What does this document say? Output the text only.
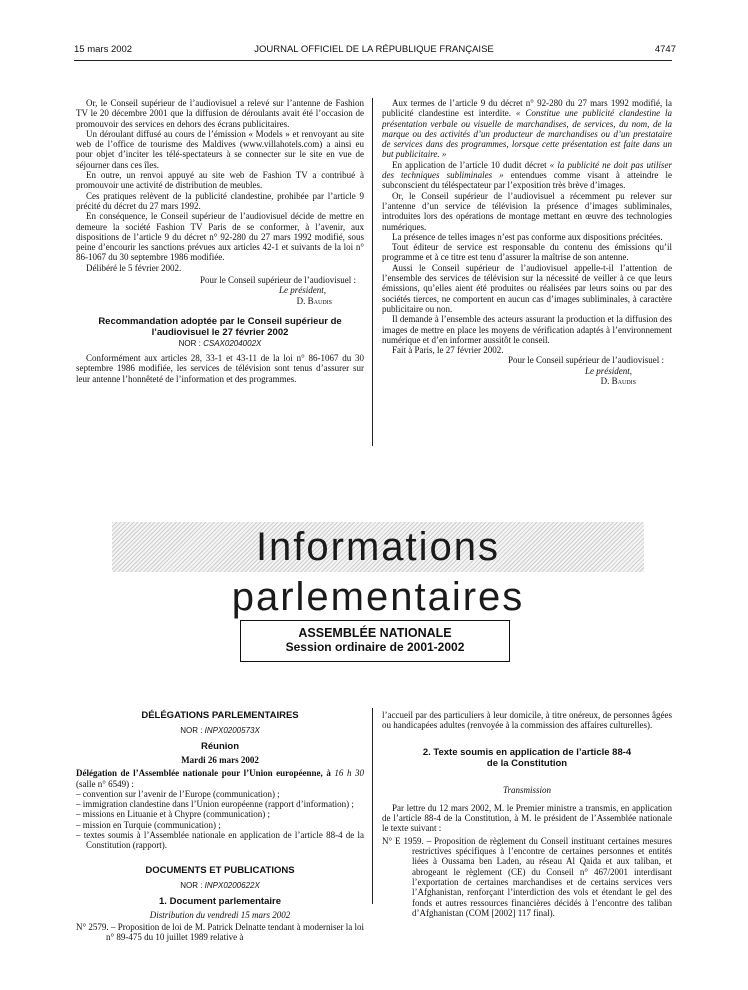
15 mars 2002	JOURNAL OFFICIEL DE LA RÉPUBLIQUE FRANÇAISE	4747

Or, le Conseil supérieur de l’audiovisuel a relevé sur l’antenne de Fashion TV le 20 décembre 2001 que la diffusion de déroulants avait été l’occasion de promouvoir des services en dehors des écrans publicitaires.

Un déroulant diffusé au cours de l’émission « Models » et renvoyant au site web de l’office de tourisme des Maldives (www.villahotels.com) a ainsi eu pour objet d’inciter les télé-spectateurs à se connecter sur le site en vue de séjourner dans ces îles.

En outre, un renvoi appuyé au site web de Fashion TV a contribué à promouvoir une activité de distribution de meubles.

Ces pratiques relèvent de la publicité clandestine, prohibée par l’article 9 précité du décret du 27 mars 1992.

En conséquence, le Conseil supérieur de l’audiovisuel décide de mettre en demeure la société Fashion TV Paris de se conformer, à l’avenir, aux dispositions de l’article 9 du décret n° 92-280 du 27 mars 1992 modifié, sous peine d’encourir les sanctions prévues aux articles 42-1 et suivants de la loi n° 86-1067 du 30 septembre 1986 modifiée.

Délibéré le 5 février 2002.

Pour le Conseil supérieur de l’audiovisuel :
Le président,
D. Baudis
Recommandation adoptée par le Conseil supérieur de l’audiovisuel le 27 février 2002
NOR : CSAX0204002X

Conformément aux articles 28, 33-1 et 43-11 de la loi n° 86-1067 du 30 septembre 1986 modifiée, les services de télévision sont tenus d’assurer sur leur antenne l’honnêteté de l’information et des programmes.

Aux termes de l’article 9 du décret n° 92-280 du 27 mars 1992 modifié, la publicité clandestine est interdite. « Constitue une publicité clandestine la présentation verbale ou visuelle de marchandises, de services, du nom, de la marque ou des activités d’un producteur de marchandises ou d’un prestataire de services dans des programmes, lorsque cette présentation est faite dans un but publicitaire. »

En application de l’article 10 dudit décret « la publicité ne doit pas utiliser des techniques subliminales » entendues comme visant à atteindre le subconscient du téléspectateur par l’exposition très brève d’images.

Or, le Conseil supérieur de l’audiovisuel a récemment pu relever sur l’antenne d’un service de télévision la présence d’images subliminales, introduites lors des opérations de montage mettant en œuvre des technologies numériques.

La présence de telles images n’est pas conforme aux dispositions précitées.

Tout éditeur de service est responsable du contenu des émissions qu’il programme et à ce titre est tenu d’assurer la maîtrise de son antenne.

Aussi le Conseil supérieur de l’audiovisuel appelle-t-il l’attention de l’ensemble des services de télévision sur la nécessité de veiller à ce que leurs émissions, qu’elles aient été produites ou réalisées par leurs soins ou par des sociétés tierces, ne comportent en aucun cas d’images subliminales, à caractère publicitaire ou non.

Il demande à l’ensemble des acteurs assurant la production et la diffusion des images de mettre en place les moyens de vérification adaptés à l’environnement numérique et d’en informer aussitôt le conseil.

Fait à Paris, le 27 février 2002.

Pour le Conseil supérieur de l’audiovisuel :
Le président,
D. Baudis
Informations parlementaires
ASSEMBLÉE NATIONALE
Session ordinaire de 2001-2002
DÉLÉGATIONS PARLEMENTAIRES
NOR : INPX0200573X
Réunion
Mardi 26 mars 2002

Délégation de l’Assemblée nationale pour l’Union européenne, à 16 h 30 (salle n° 6549) :

– convention sur l’avenir de l’Europe (communication) ;
– immigration clandestine dans l’Union européenne (rapport d’information) ;
– missions en Lituanie et à Chypre (communication) ;
– mission en Turquie (communication) ;
– textes soumis à l’Assemblée nationale en application de l’article 88-4 de la Constitution (rapport).
DOCUMENTS ET PUBLICATIONS
NOR : INPX0200622X
1. Document parlementaire
Distribution du vendredi 15 mars 2002

N° 2579. – Proposition de loi de M. Patrick Delnatte tendant à moderniser la loi n° 89-475 du 10 juillet 1989 relative à

l’accueil par des particuliers à leur domicile, à titre onéreux, de personnes âgées ou handicapées adultes (renvoyée à la commission des affaires culturelles).

2. Texte soumis en application de l’article 88-4 de la Constitution
Transmission

Par lettre du 12 mars 2002, M. le Premier ministre a transmis, en application de l’article 88-4 de la Constitution, à M. le président de l’Assemblée nationale le texte suivant :

N° E 1959. – Proposition de règlement du Conseil instituant certaines mesures restrictives spécifiques à l’encontre de certaines personnes et entités liées à Oussama ben Laden, au réseau Al Qaida et aux taliban, et abrogeant le règlement (CE) du Conseil n° 467/2001 interdisant l’exportation de certaines marchandises et de certains services vers l’Afghanistan, renforçant l’interdiction des vols et étendant le gel des fonds et autres ressources financières décidés à l’encontre des taliban d’Afghanistan (COM [2002] 117 final).
